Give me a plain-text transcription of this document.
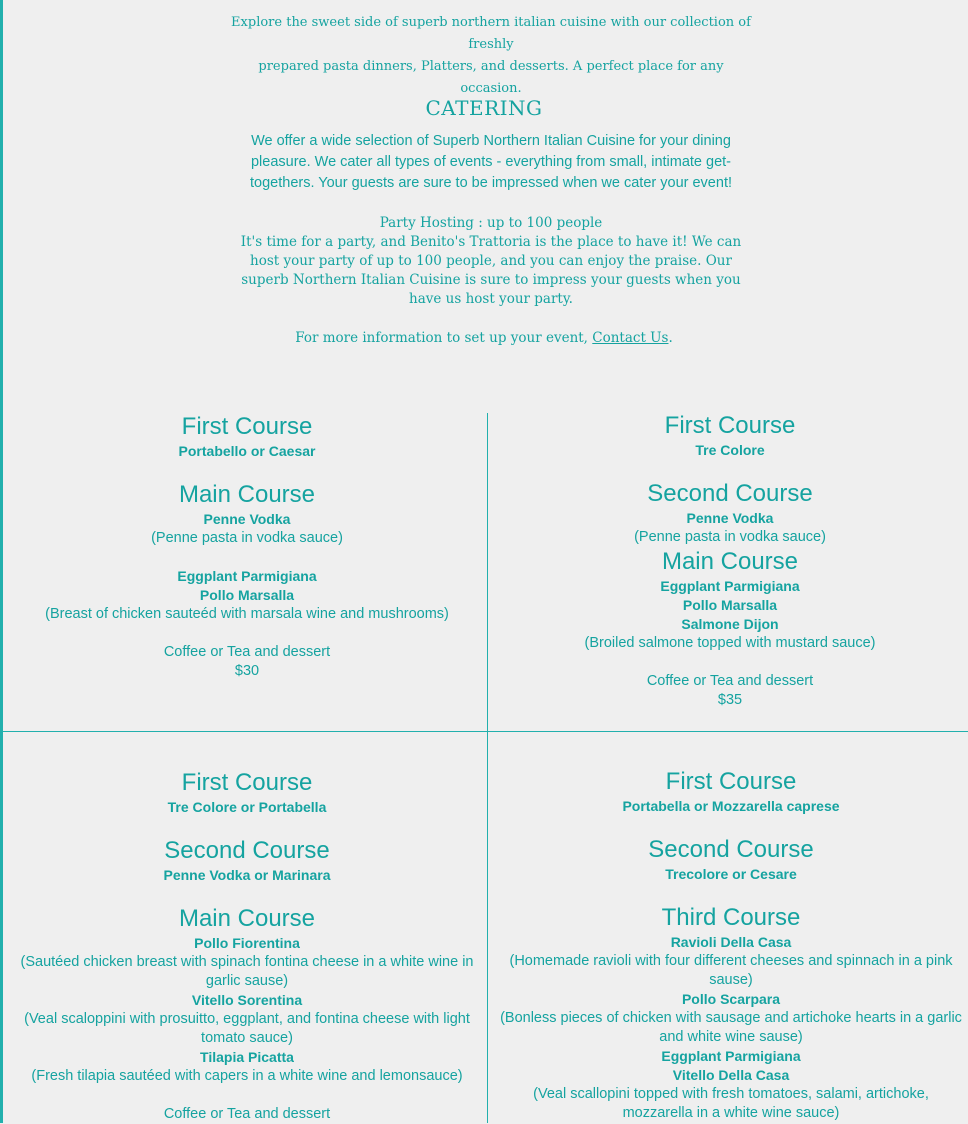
Explore the sweet side of superb northern italian cuisine with our collection of freshly
prepared pasta dinners, Platters, and desserts. A perfect place for any occasion.
CATERING
We offer a wide selection of Superb Northern Italian Cuisine for your dining pleasure. We cater all types of events - everything from small, intimate get-togethers. Your guests are sure to be impressed when we cater your event!
Party Hosting : up to 100 people
It's time for a party, and Benito's Trattoria is the place to have it! We can host your party of up to 100 people, and you can enjoy the praise. Our superb Northern Italian Cuisine is sure to impress your guests when you have us host your party.
For more information to set up your event, Contact Us.
First Course
Portabello or Caesar
Main Course
Penne Vodka
(Penne pasta in vodka sauce)
Eggplant Parmigiana
Pollo Marsalla
(Breast of chicken sauteéd with marsala wine and mushrooms)
Coffee or Tea and dessert
$30
First Course
Tre Colore
Second Course
Penne Vodka
(Penne pasta in vodka sauce)
Main Course
Eggplant Parmigiana
Pollo Marsalla
Salmone Dijon
(Broiled salmone topped with mustard sauce)
Coffee or Tea and dessert
$35
First Course
Tre Colore or Portabella
Second Course
Penne Vodka or Marinara
Main Course
Pollo Fiorentina
(Sautéed chicken breast with spinach fontina cheese in a white wine in garlic sause)
Vitello Sorentina
(Veal scaloppini with prosuitto, eggplant, and fontina cheese with light tomato sauce)
Tilapia Picatta
(Fresh tilapia sautéed with capers in a white wine and lemonsauce)
Coffee or Tea and dessert
First Course
Portabella or Mozzarella caprese
Second Course
Trecolore or Cesare
Third Course
Ravioli Della Casa
(Homemade ravioli with four different cheeses and spinnach in a pink sause)
Pollo Scarpara
(Bonless pieces of chicken with sausage and artichoke hearts in a garlic and white wine sause)
Eggplant Parmigiana
Vitello Della Casa
(Veal scallopini topped with fresh tomatoes, salami, artichoke, mozzarella in a white wine sauce)
